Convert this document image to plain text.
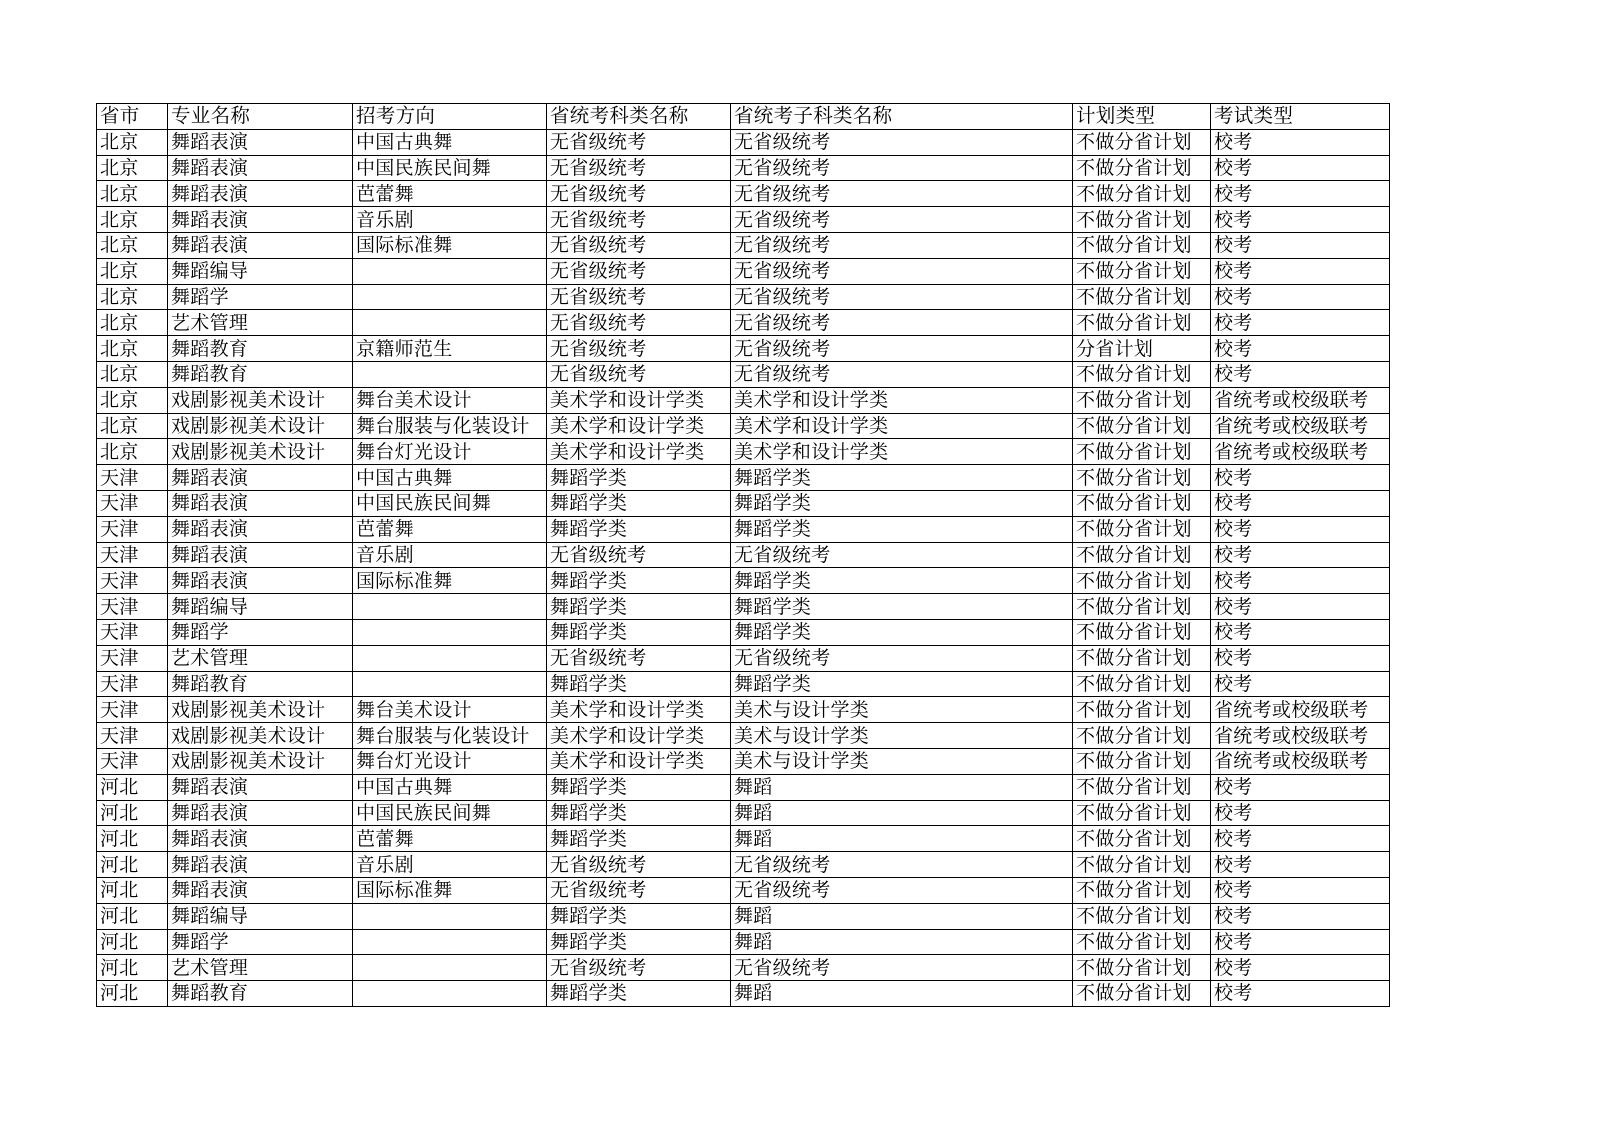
省市	专业名称	招考方向	省统考科类名称	省统考子科类名称	计划类型	考试类型
北京	舞蹈表演	中国古典舞	无省级统考	无省级统考	不做分省计划	校考
北京	舞蹈表演	中国民族民间舞	无省级统考	无省级统考	不做分省计划	校考
北京	舞蹈表演	芭蕾舞	无省级统考	无省级统考	不做分省计划	校考
北京	舞蹈表演	音乐剧	无省级统考	无省级统考	不做分省计划	校考
北京	舞蹈表演	国际标准舞	无省级统考	无省级统考	不做分省计划	校考
北京	舞蹈编导		无省级统考	无省级统考	不做分省计划	校考
北京	舞蹈学		无省级统考	无省级统考	不做分省计划	校考
北京	艺术管理		无省级统考	无省级统考	不做分省计划	校考
北京	舞蹈教育	京籍师范生	无省级统考	无省级统考	分省计划	校考
北京	舞蹈教育		无省级统考	无省级统考	不做分省计划	校考
北京	戏剧影视美术设计	舞台美术设计	美术学和设计学类	美术学和设计学类	不做分省计划	省统考或校级联考
北京	戏剧影视美术设计	舞台服装与化装设计	美术学和设计学类	美术学和设计学类	不做分省计划	省统考或校级联考
北京	戏剧影视美术设计	舞台灯光设计	美术学和设计学类	美术学和设计学类	不做分省计划	省统考或校级联考
天津	舞蹈表演	中国古典舞	舞蹈学类	舞蹈学类	不做分省计划	校考
天津	舞蹈表演	中国民族民间舞	舞蹈学类	舞蹈学类	不做分省计划	校考
天津	舞蹈表演	芭蕾舞	舞蹈学类	舞蹈学类	不做分省计划	校考
天津	舞蹈表演	音乐剧	无省级统考	无省级统考	不做分省计划	校考
天津	舞蹈表演	国际标准舞	舞蹈学类	舞蹈学类	不做分省计划	校考
天津	舞蹈编导		舞蹈学类	舞蹈学类	不做分省计划	校考
天津	舞蹈学		舞蹈学类	舞蹈学类	不做分省计划	校考
天津	艺术管理		无省级统考	无省级统考	不做分省计划	校考
天津	舞蹈教育		舞蹈学类	舞蹈学类	不做分省计划	校考
天津	戏剧影视美术设计	舞台美术设计	美术学和设计学类	美术与设计学类	不做分省计划	省统考或校级联考
天津	戏剧影视美术设计	舞台服装与化装设计	美术学和设计学类	美术与设计学类	不做分省计划	省统考或校级联考
天津	戏剧影视美术设计	舞台灯光设计	美术学和设计学类	美术与设计学类	不做分省计划	省统考或校级联考
河北	舞蹈表演	中国古典舞	舞蹈学类	舞蹈	不做分省计划	校考
河北	舞蹈表演	中国民族民间舞	舞蹈学类	舞蹈	不做分省计划	校考
河北	舞蹈表演	芭蕾舞	舞蹈学类	舞蹈	不做分省计划	校考
河北	舞蹈表演	音乐剧	无省级统考	无省级统考	不做分省计划	校考
河北	舞蹈表演	国际标准舞	无省级统考	无省级统考	不做分省计划	校考
河北	舞蹈编导		舞蹈学类	舞蹈	不做分省计划	校考
河北	舞蹈学		舞蹈学类	舞蹈	不做分省计划	校考
河北	艺术管理		无省级统考	无省级统考	不做分省计划	校考
河北	舞蹈教育		舞蹈学类	舞蹈	不做分省计划	校考
